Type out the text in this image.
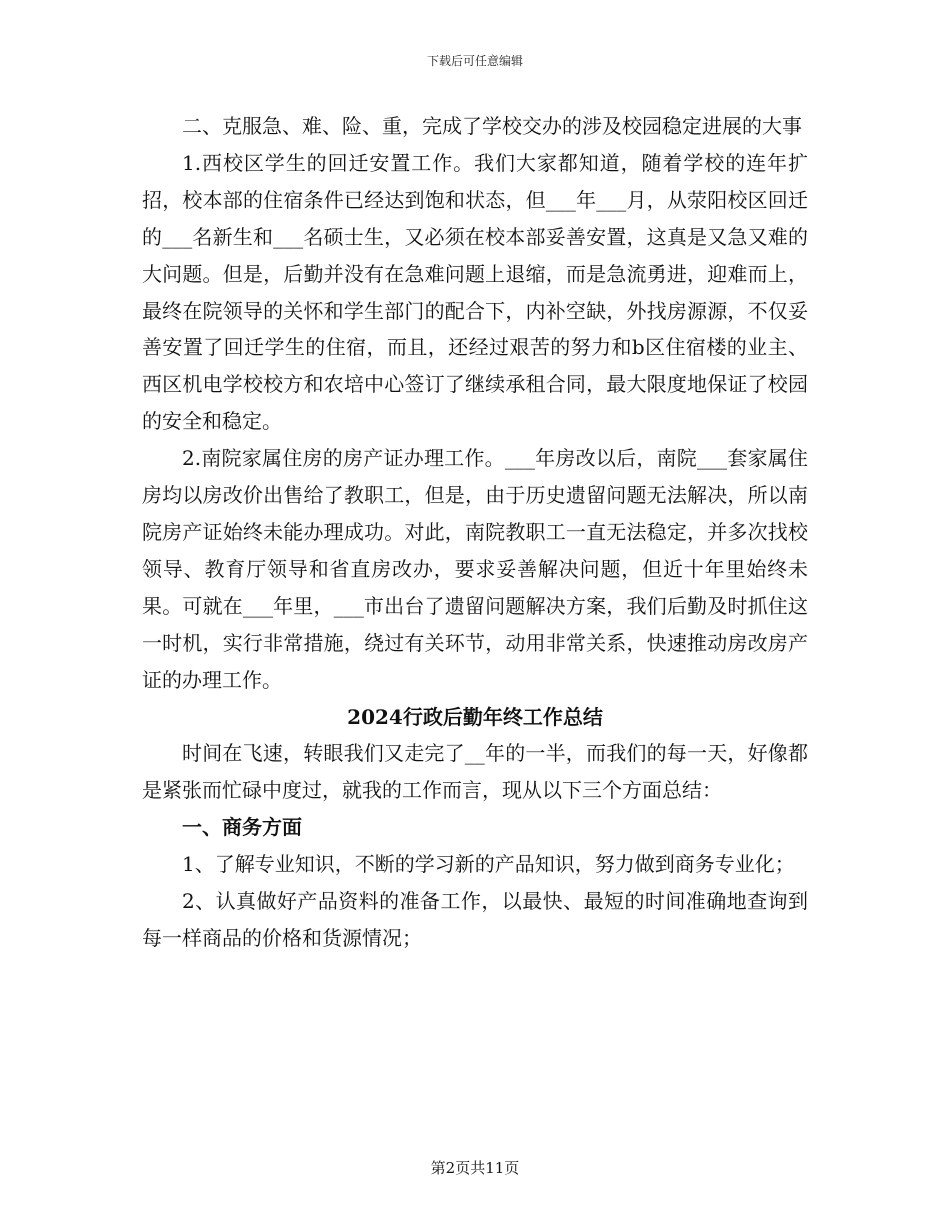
下载后可任意编辑

二、克服急、难、险、重，完成了学校交办的涉及校园稳定进展的大事

1.西校区学生的回迁安置工作。我们大家都知道，随着学校的连年扩招，校本部的住宿条件已经达到饱和状态，但___年___月，从荥阳校区回迁的___名新生和___名硕士生，又必须在校本部妥善安置，这真是又急又难的大问题。但是，后勤并没有在急难问题上退缩，而是急流勇进，迎难而上，最终在院领导的关怀和学生部门的配合下，内补空缺，外找房源源，不仅妥善安置了回迁学生的住宿，而且，还经过艰苦的努力和b区住宿楼的业主、西区机电学校校方和农培中心签订了继续承租合同，最大限度地保证了校园的安全和稳定。

2.南院家属住房的房产证办理工作。___年房改以后，南院___套家属住房均以房改价出售给了教职工，但是，由于历史遗留问题无法解决，所以南院房产证始终未能办理成功。对此，南院教职工一直无法稳定，并多次找校领导、教育厅领导和省直房改办，要求妥善解决问题，但近十年里始终未果。可就在___年里，___市出台了遗留问题解决方案，我们后勤及时抓住这一时机，实行非常措施，绕过有关环节，动用非常关系，快速推动房改房产证的办理工作。

2024行政后勤年终工作总结

时间在飞速，转眼我们又走完了__年的一半，而我们的每一天，好像都是紧张而忙碌中度过，就我的工作而言，现从以下三个方面总结：

一、商务方面

1、了解专业知识，不断的学习新的产品知识，努力做到商务专业化；

2、认真做好产品资料的准备工作，以最快、最短的时间准确地查询到每一样商品的价格和货源情况；

第2页共11页
